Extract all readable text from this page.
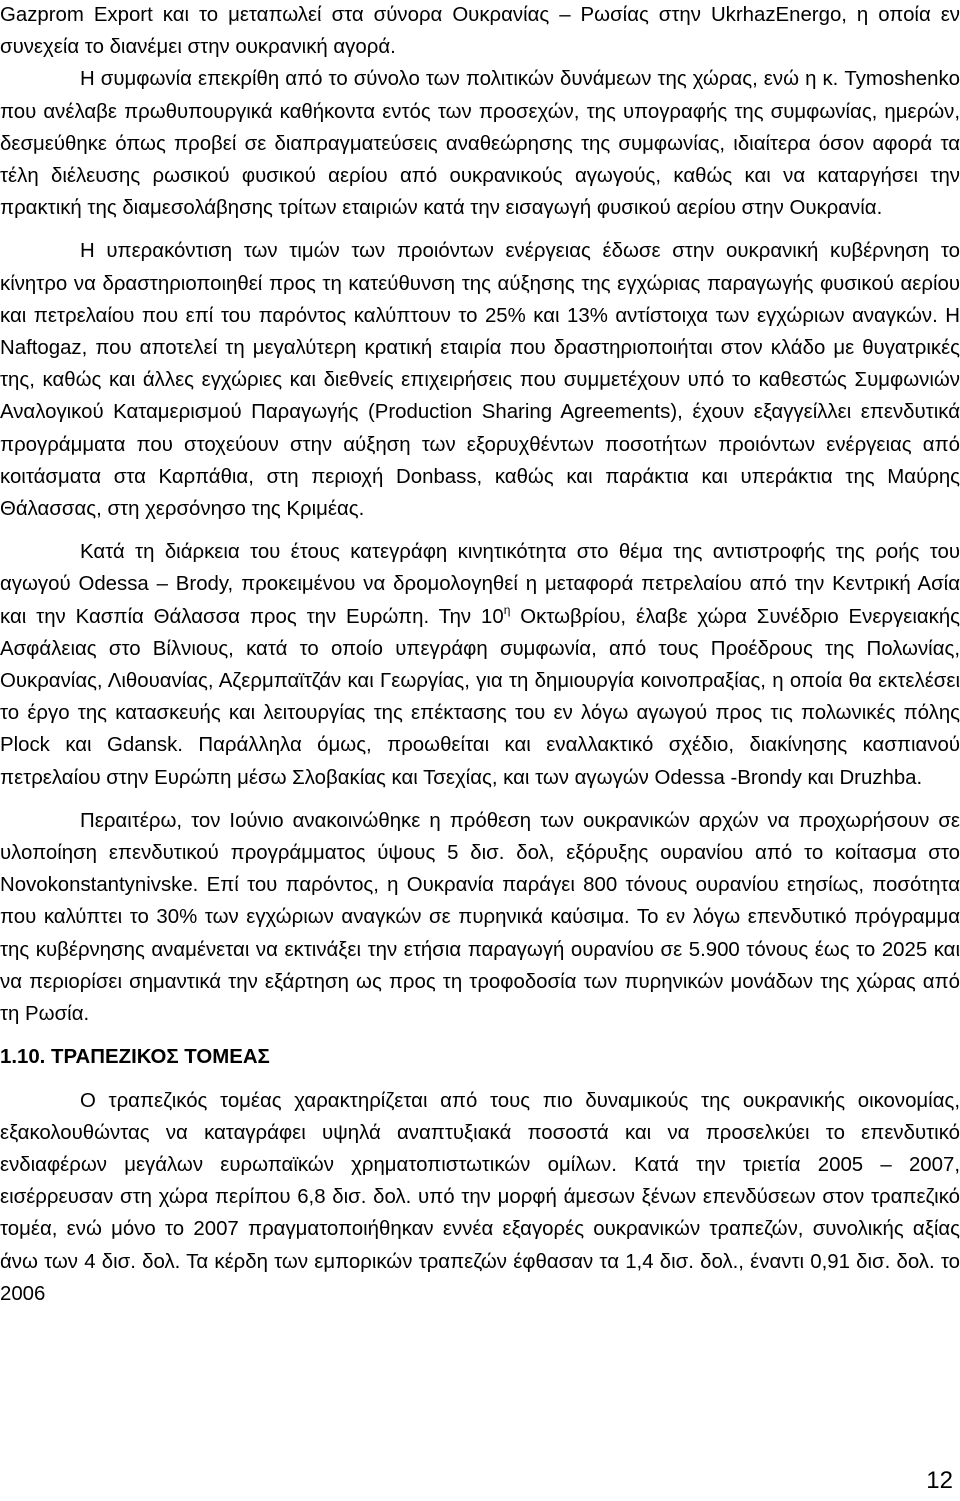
Gazprom Export και το μεταπωλεί στα σύνορα Ουκρανίας – Ρωσίας στην UkrhazEnergo, η οποία εν συνεχεία το διανέμει στην ουκρανική αγορά.

Η συμφωνία επεκρίθη από το σύνολο των πολιτικών δυνάμεων της χώρας, ενώ η κ. Tymoshenko που ανέλαβε πρωθυπουργικά καθήκοντα εντός των προσεχών, της υπογραφής της συμφωνίας, ημερών, δεσμεύθηκε όπως προβεί σε διαπραγματεύσεις αναθεώρησης της συμφωνίας, ιδιαίτερα όσον αφορά τα τέλη διέλευσης ρωσικού φυσικού αερίου από ουκρανικούς αγωγούς, καθώς και να καταργήσει την πρακτική της διαμεσολάβησης τρίτων εταιριών κατά την εισαγωγή φυσικού αερίου στην Ουκρανία.

Η υπερακόντιση των τιμών των προιόντων ενέργειας έδωσε στην ουκρανική κυβέρνηση το κίνητρο να δραστηριοποιηθεί προς τη κατεύθυνση της αύξησης της εγχώριας παραγωγής φυσικού αερίου και πετρελαίου που επί του παρόντος καλύπτουν το 25% και 13% αντίστοιχα των εγχώριων αναγκών. Η Naftogaz, που αποτελεί τη μεγαλύτερη κρατική εταιρία που δραστηριοποιήται στον κλάδο με θυγατρικές της, καθώς και άλλες εγχώριες και διεθνείς επιχειρήσεις που συμμετέχουν υπό το καθεστώς Συμφωνιών Αναλογικού Καταμερισμού Παραγωγής (Production Sharing Agreements), έχουν εξαγγείλλει επενδυτικά προγράμματα που στοχεύουν στην αύξηση των εξορυχθέντων ποσοτήτων προιόντων ενέργειας από κοιτάσματα στα Καρπάθια, στη περιοχή Donbass, καθώς και παράκτια και υπεράκτια της Μαύρης Θάλασσας, στη χερσόνησο της Κριμέας.

Κατά τη διάρκεια του έτους κατεγράφη κινητικότητα στο θέμα της αντιστροφής της ροής του αγωγού Odessa – Brody, προκειμένου να δρομολογηθεί η μεταφορά πετρελαίου από την Κεντρική Ασία και την Κασπία Θάλασσα προς την Ευρώπη. Την $10^\eta$ Οκτωβρίου, έλαβε χώρα Συνέδριο Ενεργειακής Ασφάλειας στο Βίλνιους, κατά το οποίο υπεγράφη συμφωνία, από τους Προέδρους της Πολωνίας, Ουκρανίας, Λιθουανίας, Αζερμπαϊτζάν και Γεωργίας, για τη δημιουργία κοινοπραξίας, η οποία θα εκτελέσει το έργο της κατασκευής και λειτουργίας της επέκτασης του εν λόγω αγωγού προς τις πολωνικές πόλης Plock και Gdansk. Παράλληλα όμως, προωθείται και εναλλακτικό σχέδιο, διακίνησης κασπιανού πετρελαίου στην Ευρώπη μέσω Σλοβακίας και Τσεχίας, και των αγωγών Odessa -Brondy και Druzhba.

Περαιτέρω, τον Ιούνιο ανακοινώθηκε η πρόθεση των ουκρανικών αρχών να προχωρήσουν σε υλοποίηση επενδυτικού προγράμματος ύψους 5 δισ. δολ, εξόρυξης ουρανίου από το κοίτασμα στο Novokonstantynivske. Επί του παρόντος, η Ουκρανία παράγει 800 τόνους ουρανίου ετησίως, ποσότητα που καλύπτει το 30% των εγχώριων αναγκών σε πυρηνικά καύσιμα. Το εν λόγω επενδυτικό πρόγραμμα της κυβέρνησης αναμένεται να εκτινάξει την ετήσια παραγωγή ουρανίου σε 5.900 τόνους έως το 2025 και να περιορίσει σημαντικά την εξάρτηση ως προς τη τροφοδοσία των πυρηνικών μονάδων της χώρας από τη Ρωσία.

1.10. ΤΡΑΠΕΖΙΚΟΣ ΤΟΜΕΑΣ

Ο τραπεζικός τομέας χαρακτηρίζεται από τους πιο δυναμικούς της ουκρανικής οικονομίας, εξακολουθώντας να καταγράφει υψηλά αναπτυξιακά ποσοστά και να προσελκύει το επενδυτικό ενδιαφέρων μεγάλων ευρωπαϊκών χρηματοπιστωτικών ομίλων. Κατά την τριετία 2005 – 2007, εισέρρευσαν στη χώρα περίπου 6,8 δισ. δολ. υπό την μορφή άμεσων ξένων επενδύσεων στον τραπεζικό τομέα, ενώ μόνο το 2007 πραγματοποιήθηκαν εννέα εξαγορές ουκρανικών τραπεζών, συνολικής αξίας άνω των 4 δισ. δολ. Τα κέρδη των εμπορικών τραπεζών έφθασαν τα 1,4 δισ. δολ., έναντι 0,91 δισ. δολ. το 2006

12
